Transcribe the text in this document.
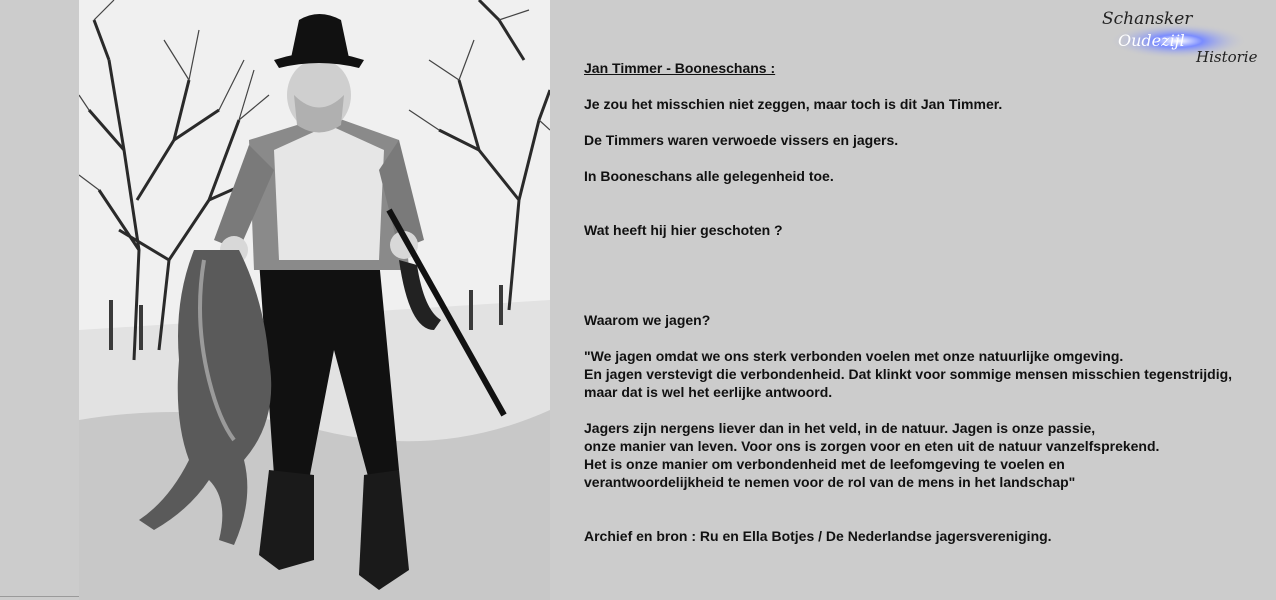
Schansker
Oudezijl
Historie

Jan Timmer - Booneschans :

Je zou het misschien niet zeggen, maar toch is dit Jan Timmer.

De Timmers waren verwoede vissers en jagers.

In Booneschans alle gelegenheid toe.

Wat heeft hij hier geschoten ?

Waarom we jagen?

"We jagen omdat we ons sterk verbonden voelen met onze natuurlijke omgeving.

En jagen verstevigt die verbondenheid. Dat klinkt voor sommige mensen misschien tegenstrijdig,

maar dat is wel het eerlijke antwoord.

Jagers zijn nergens liever dan in het veld, in de natuur. Jagen is onze passie,

onze manier van leven. Voor ons is zorgen voor en eten uit de natuur vanzelfsprekend.

Het is onze manier om verbondenheid met de leefomgeving te voelen en

verantwoordelijkheid te nemen voor de rol van de mens in het landschap"

Archief en bron : Ru en Ella Botjes / De Nederlandse jagersvereniging.
